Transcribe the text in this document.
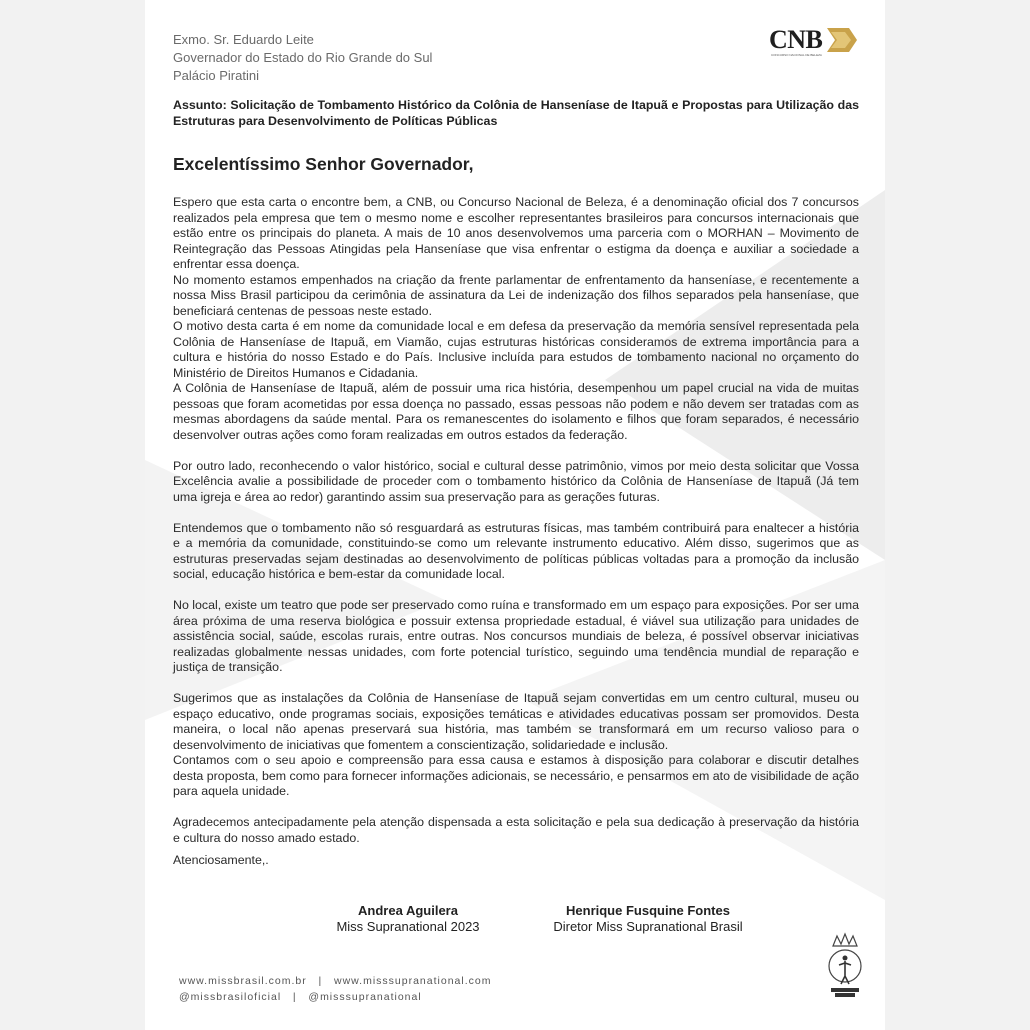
Exmo. Sr. Eduardo Leite
Governador do Estado do Rio Grande do Sul
Palácio Piratini
CNB
CONCURSO NACIONAL DE BELEZA
Assunto: Solicitação de Tombamento Histórico da Colônia de Hanseníase de Itapuã e Propostas para Utilização das Estruturas para Desenvolvimento de Políticas Públicas
Excelentíssimo Senhor Governador,

Espero que esta carta o encontre bem, a CNB, ou Concurso Nacional de Beleza, é a denominação oficial dos 7 concursos realizados pela empresa que tem o mesmo nome e escolher representantes brasileiros para concursos internacionais que estão entre os principais do planeta. A mais de 10 anos desenvolvemos uma parceria com o MORHAN – Movimento de Reintegração das Pessoas Atingidas pela Hanseníase que visa enfrentar o estigma da doença e auxiliar a sociedade a enfrentar essa doença.

No momento estamos empenhados na criação da frente parlamentar de enfrentamento da hanseníase, e recentemente a nossa Miss Brasil participou da cerimônia de assinatura da Lei de indenização dos filhos separados pela hanseníase, que beneficiará centenas de pessoas neste estado.

O motivo desta carta é em nome da comunidade local e em defesa da preservação da memória sensível representada pela Colônia de Hanseníase de Itapuã, em Viamão, cujas estruturas históricas consideramos de extrema importância para a cultura e história do nosso Estado e do País. Inclusive incluída para estudos de tombamento nacional no orçamento do Ministério de Direitos Humanos e Cidadania.

A Colônia de Hanseníase de Itapuã, além de possuir uma rica história, desempenhou um papel crucial na vida de muitas pessoas que foram acometidas por essa doença no passado, essas pessoas não podem e não devem ser tratadas com as mesmas abordagens da saúde mental. Para os remanescentes do isolamento e filhos que foram separados, é necessário desenvolver outras ações como foram realizadas em outros estados da federação.

Por outro lado, reconhecendo o valor histórico, social e cultural desse patrimônio, vimos por meio desta solicitar que Vossa Excelência avalie a possibilidade de proceder com o tombamento histórico da Colônia de Hanseníase de Itapuã (Já tem uma igreja e área ao redor) garantindo assim sua preservação para as gerações futuras.

Entendemos que o tombamento não só resguardará as estruturas físicas, mas também contribuirá para enaltecer a história e a memória da comunidade, constituindo-se como um relevante instrumento educativo. Além disso, sugerimos que as estruturas preservadas sejam destinadas ao desenvolvimento de políticas públicas voltadas para a promoção da inclusão social, educação histórica e bem-estar da comunidade local.

No local, existe um teatro que pode ser preservado como ruína e transformado em um espaço para exposições. Por ser uma área próxima de uma reserva biológica e possuir extensa propriedade estadual, é viável sua utilização para unidades de assistência social, saúde, escolas rurais, entre outras. Nos concursos mundiais de beleza, é possível observar iniciativas realizadas globalmente nessas unidades, com forte potencial turístico, seguindo uma tendência mundial de reparação e justiça de transição.

Sugerimos que as instalações da Colônia de Hanseníase de Itapuã sejam convertidas em um centro cultural, museu ou espaço educativo, onde programas sociais, exposições temáticas e atividades educativas possam ser promovidos. Desta maneira, o local não apenas preservará sua história, mas também se transformará em um recurso valioso para o desenvolvimento de iniciativas que fomentem a conscientização, solidariedade e inclusão.

Contamos com o seu apoio e compreensão para essa causa e estamos à disposição para colaborar e discutir detalhes desta proposta, bem como para fornecer informações adicionais, se necessário, e pensarmos em ato de visibilidade de ação para aquela unidade.

Agradecemos antecipadamente pela atenção dispensada a esta solicitação e pela sua dedicação à preservação da história e cultura do nosso amado estado.

Atenciosamente,.
Andrea Aguilera
Miss Supranational 2023
Henrique Fusquine Fontes
Diretor Miss Supranational Brasil
www.missbrasil.com.br   |   www.misssupranational.com
@missbrasiloficial   |   @misssupranational
